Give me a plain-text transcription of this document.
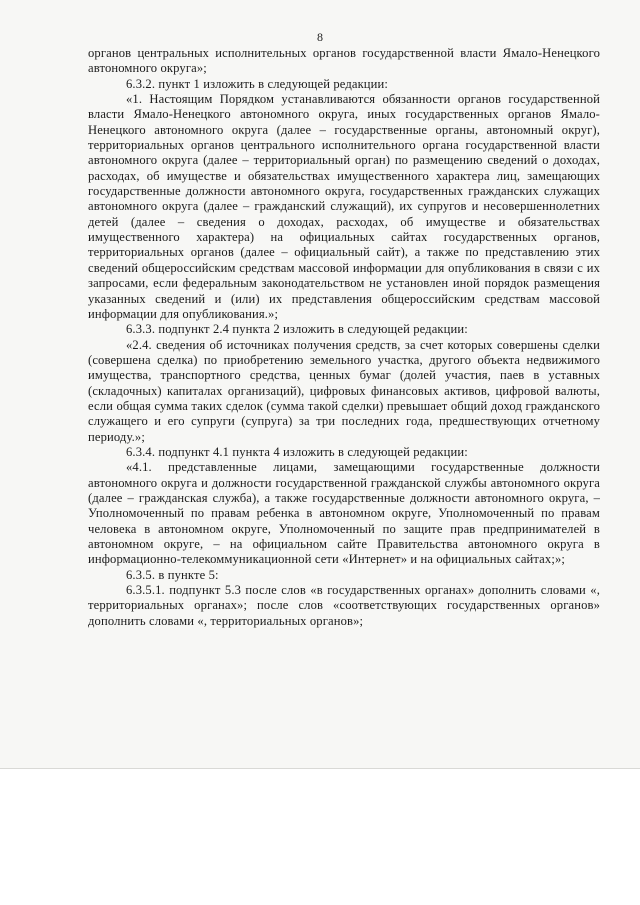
8

органов центральных исполнительных органов государственной власти Ямало-Ненецкого автономного округа»;

6.3.2. пункт 1 изложить в следующей редакции:

«1. Настоящим Порядком устанавливаются обязанности органов государственной власти Ямало-Ненецкого автономного округа, иных государственных органов Ямало-Ненецкого автономного округа (далее – государственные органы, автономный округ), территориальных органов центрального исполнительного органа государственной власти автономного округа (далее – территориальный орган) по размещению сведений о доходах, расходах, об имуществе и обязательствах имущественного характера лиц, замещающих государственные должности автономного округа, государственных гражданских служащих автономного округа (далее – гражданский служащий), их супругов и несовершеннолетних детей (далее – сведения о доходах, расходах, об имуществе и обязательствах имущественного характера) на официальных сайтах государственных органов, территориальных органов (далее – официальный сайт), а также по представлению этих сведений общероссийским средствам массовой информации для опубликования в связи с их запросами, если федеральным законодательством не установлен иной порядок размещения указанных сведений и (или) их представления общероссийским средствам массовой информации для опубликования.»;

6.3.3. подпункт 2.4 пункта 2 изложить в следующей редакции:

«2.4. сведения об источниках получения средств, за счет которых совершены сделки (совершена сделка) по приобретению земельного участка, другого объекта недвижимого имущества, транспортного средства, ценных бумаг (долей участия, паев в уставных (складочных) капиталах организаций), цифровых финансовых активов, цифровой валюты, если общая сумма таких сделок (сумма такой сделки) превышает общий доход гражданского служащего и его супруги (супруга) за три последних года, предшествующих отчетному периоду.»;

6.3.4. подпункт 4.1 пункта 4 изложить в следующей редакции:

«4.1. представленные лицами, замещающими государственные должности автономного округа и должности государственной гражданской службы автономного округа (далее – гражданская служба), а также государственные должности автономного округа, – Уполномоченный по правам ребенка в автономном округе, Уполномоченный по правам человека в автономном округе, Уполномоченный по защите прав предпринимателей в автономном округе, – на официальном сайте Правительства автономного округа в информационно-телекоммуникационной сети «Интернет» и на официальных сайтах;»;

6.3.5. в пункте 5:

6.3.5.1. подпункт 5.3 после слов «в государственных органах» дополнить словами «, территориальных органах»; после слов «соответствующих государственных органов» дополнить словами «, территориальных органов»;
